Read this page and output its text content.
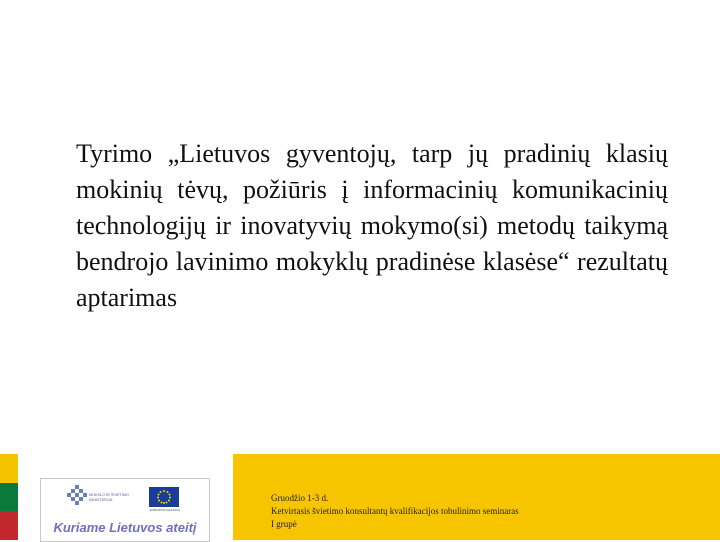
Tyrimo „Lietuvos gyventojų, tarp jų pradinių klasių mokinių tėvų, požiūris į informacinių komunikacinių technologijų ir inovatyvių mokymo(si) metodų taikymą bendrojo lavinimo mokyklų pradinėse klasėse“ rezultatų aptarimas
MOKSLO IR ŠVIETIMO MINISTERIJA
EUROPOS SĄJUNGA
Kuriame Lietuvos ateitį
Gruodžio 1-3 d.
Ketvirtasis švietimo konsultantų kvalifikacijos tobulinimo seminaras
I grupė
